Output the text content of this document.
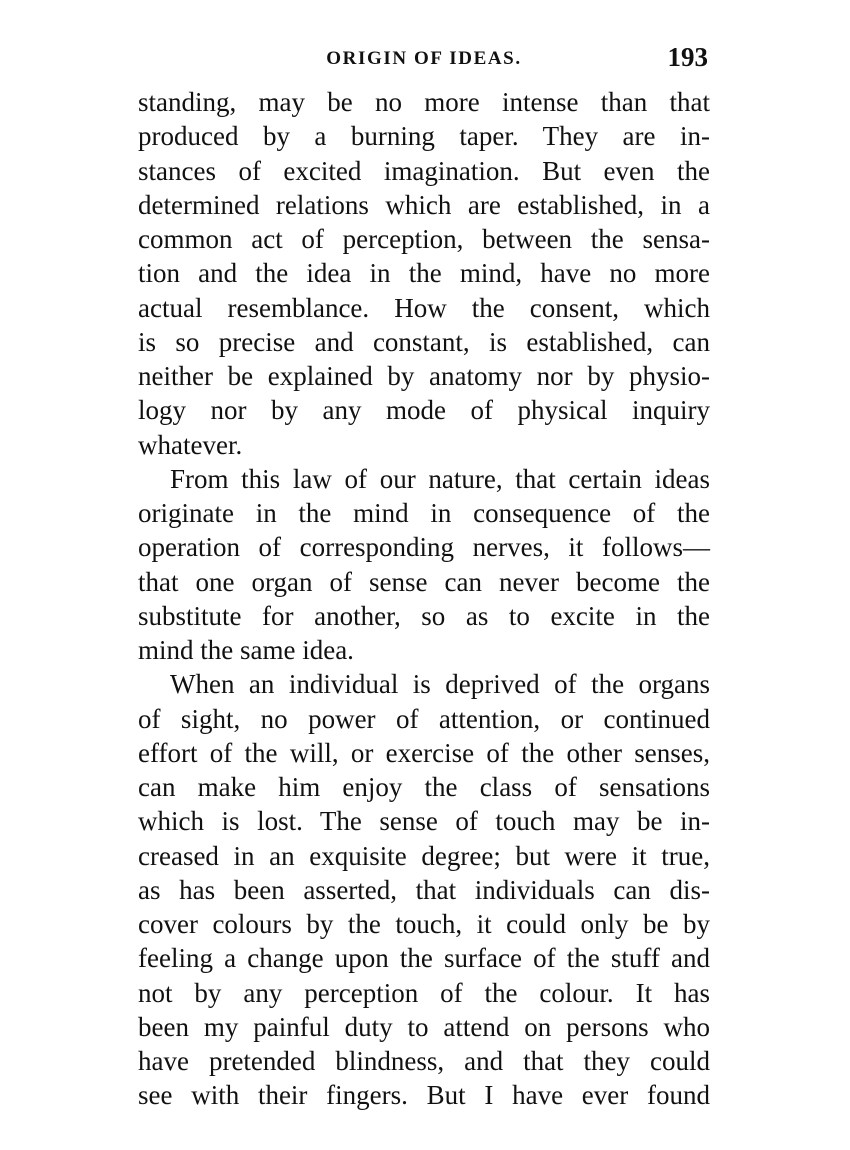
ORIGIN OF IDEAS.	193
standing, may be no more intense than that
produced by a burning taper. They are in-
stances of excited imagination. But even the
determined relations which are established, in a
common act of perception, between the sensa-
tion and the idea in the mind, have no more
actual resemblance. How the consent, which
is so precise and constant, is established, can
neither be explained by anatomy nor by physio-
logy nor by any mode of physical inquiry
whatever.
From this law of our nature, that certain ideas
originate in the mind in consequence of the
operation of corresponding nerves, it follows—
that one organ of sense can never become the
substitute for another, so as to excite in the
mind the same idea.
When an individual is deprived of the organs
of sight, no power of attention, or continued
effort of the will, or exercise of the other senses,
can make him enjoy the class of sensations
which is lost. The sense of touch may be in-
creased in an exquisite degree; but were it true,
as has been asserted, that individuals can dis-
cover colours by the touch, it could only be by
feeling a change upon the surface of the stuff and
not by any perception of the colour. It has
been my painful duty to attend on persons who
have pretended blindness, and that they could
see with their fingers. But I have ever found
